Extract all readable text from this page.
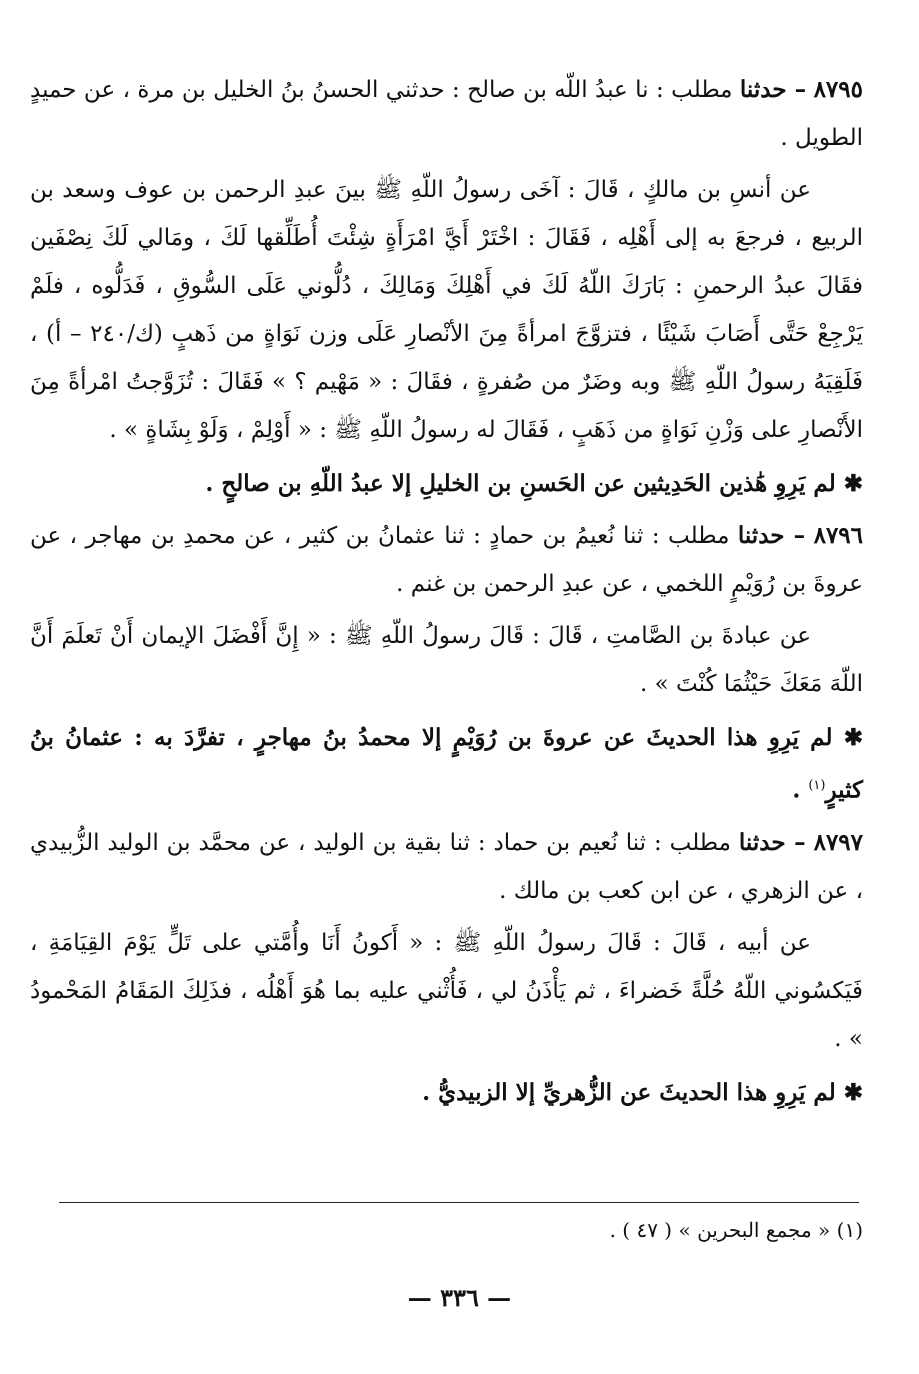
٨٧٩٥ – حدثنا مطلب : نا عبدُ اللّه بن صالح : حدثني الحسنُ بنُ الخليل بن مرة ، عن حميدٍ الطويل .

عن أنسِ بن مالكٍ ، قَالَ : آخَى رسولُ اللّهِ ﷺ بينَ عبدِ الرحمن بن عوف وسعد بن الربيع ، فرجعَ به إلى أَهْلِه ، فَقَالَ : اخْتَرْ أَيَّ امْرَأَةٍ شِئْتَ أُطَلِّقها لَكَ ، ومَالي لَكَ نِصْفَين فقَالَ عبدُ الرحمنِ : بَارَكَ اللّهُ لَكَ في أَهْلِكَ وَمَالِكَ ، دُلُّوني عَلَى السُّوقِ ، فَدَلُّوه ، فلَمْ يَرْجِعْ حَتَّى أَصَابَ شَيْئًا ، فتزوَّجَ امرأةً مِنَ الأنْصارِ عَلَى وزن نَوَاةٍ من ذَهبٍ (ك/٢٤٠ – أ) ، فَلَقِيَهُ رسولُ اللّهِ ﷺ وبه وضَرٌ من صُفرةٍ ، فقَالَ : « مَهْيم ؟ » فَقَالَ : تُزَوَّجتُ امْرأةً مِنَ الأَنْصارِ على وَزْنِ نَوَاةٍ من ذَهَبٍ ، فَقَالَ له رسولُ اللّهِ ﷺ : « أَوْلِمْ ، وَلَوْ بِشَاةٍ » .

✱ لم يَرِوِ هَٰذين الحَدِيثين عن الحَسنِ بن الخليلِ إلا عبدُ اللّهِ بن صالحٍ .

٨٧٩٦ – حدثنا مطلب : ثنا نُعيمُ بن حمادٍ : ثنا عثمانُ بن كثير ، عن محمدِ بن مهاجر ، عن عروةَ بن رُوَيْمٍ اللخمي ، عن عبدِ الرحمن بن غنم .

عن عبادةَ بن الصَّامتِ ، قَالَ : قَالَ رسولُ اللّهِ ﷺ : « إِنَّ أَفْضَلَ الإيمان أَنْ تَعلَمَ أَنَّ اللّهَ مَعَكَ حَيْثُمَا كُنْتَ » .

✱ لم يَرِوِ هذا الحديثَ عن عروةَ بن رُوَيْمٍ إلا محمدُ بنُ مهاجرٍ ، تفرَّدَ به : عثمانُ بنُ كثيرٍ$^{(١)}$ .

٨٧٩٧ – حدثنا مطلب : ثنا نُعيم بن حماد : ثنا بقية بن الوليد ، عن محمَّد بن الوليد الزُّبيدي ، عن الزهري ، عن ابن كعب بن مالك .

عن أبيه ، قَالَ : قَالَ رسولُ اللّهِ ﷺ : « أَكونُ أَنَا وأُمَّتي على تَلٍّ يَوْمَ القِيَامَةِ ، فَيَكسُوني اللّهُ حُلَّةً خَضراءَ ، ثم يَأْذَنُ لي ، فَأُثْني عليه بما هُوَ أَهْلُه ، فذَلِكَ المَقَامُ المَحْمودُ » .

✱ لم يَرِوِ هذا الحديثَ عن الزُّهريِّ إلا الزبيديُّ .

(١) « مجمع البحرين » ( ٤٧ ) .
— ٣٣٦ —
